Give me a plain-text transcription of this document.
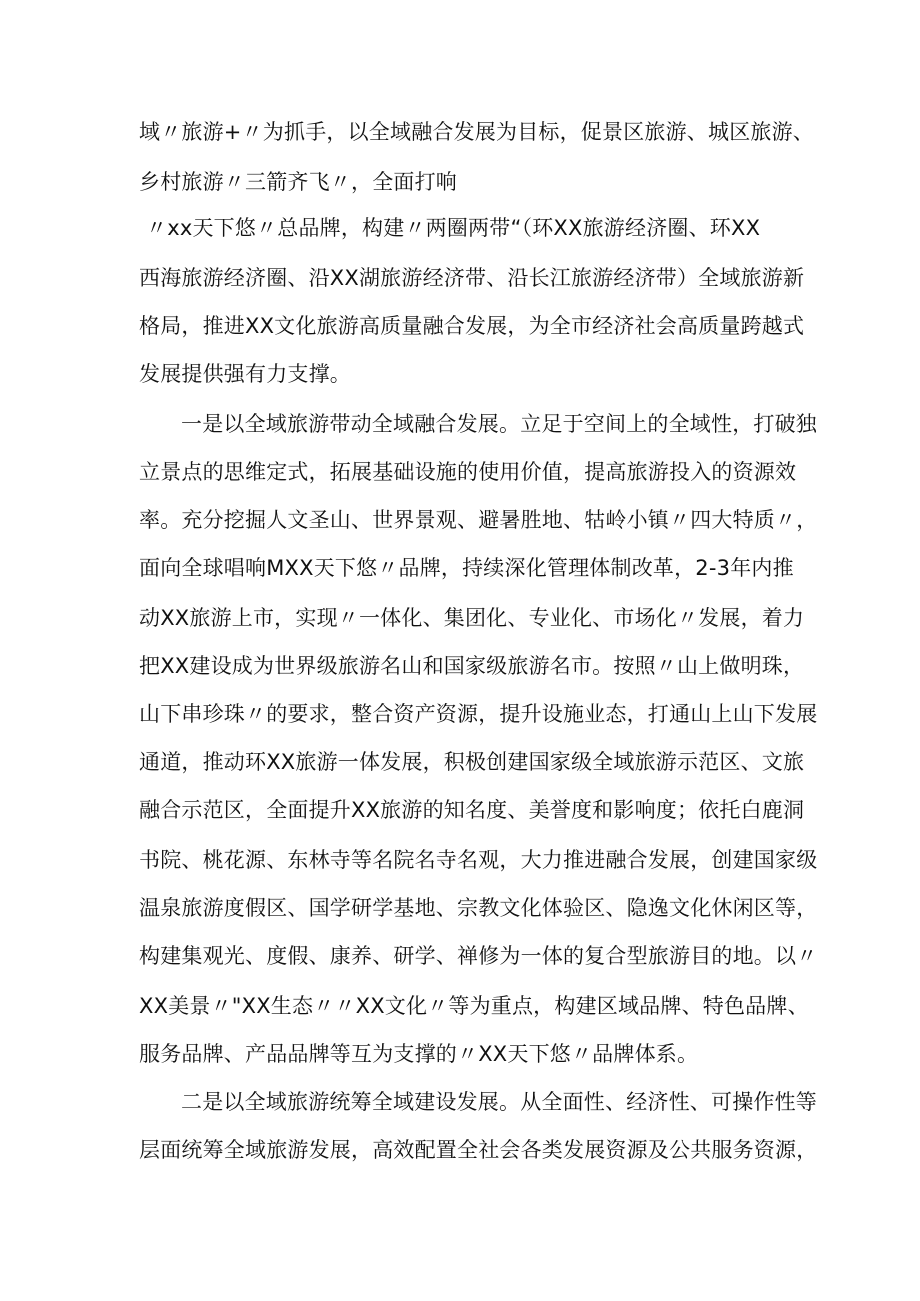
域〃旅游+〃为抓手，以全域融合发展为目标，促景区旅游、城区旅游、

乡村旅游〃三箭齐飞〃，全面打响

〃xx天下悠〃总品牌，构建〃两圈两带“（环XX旅游经济圈、环XX

西海旅游经济圈、沿XX湖旅游经济带、沿长江旅游经济带）全域旅游新

格局，推进XX文化旅游高质量融合发展，为全市经济社会高质量跨越式

发展提供强有力支撑。

一是以全域旅游带动全域融合发展。立足于空间上的全域性，打破独

立景点的思维定式，拓展基础设施的使用价值，提高旅游投入的资源效

率。充分挖掘人文圣山、世界景观、避暑胜地、牯岭小镇〃四大特质〃，

面向全球唱响MXX天下悠〃品牌，持续深化管理体制改革，2-3年内推

动XX旅游上市，实现〃一体化、集团化、专业化、市场化〃发展，着力

把XX建设成为世界级旅游名山和国家级旅游名市。按照〃山上做明珠，

山下串珍珠〃的要求，整合资产资源，提升设施业态，打通山上山下发展

通道，推动环XX旅游一体发展，积极创建国家级全域旅游示范区、文旅

融合示范区，全面提升XX旅游的知名度、美誉度和影响度；依托白鹿洞

书院、桃花源、东林寺等名院名寺名观，大力推进融合发展，创建国家级

温泉旅游度假区、国学研学基地、宗教文化体验区、隐逸文化休闲区等，

构建集观光、度假、康养、研学、禅修为一体的复合型旅游目的地。以〃

XX美景〃"XX生态〃〃XX文化〃等为重点，构建区域品牌、特色品牌、

服务品牌、产品品牌等互为支撑的〃XX天下悠〃品牌体系。

二是以全域旅游统筹全域建设发展。从全面性、经济性、可操作性等

层面统筹全域旅游发展，高效配置全社会各类发展资源及公共服务资源，
